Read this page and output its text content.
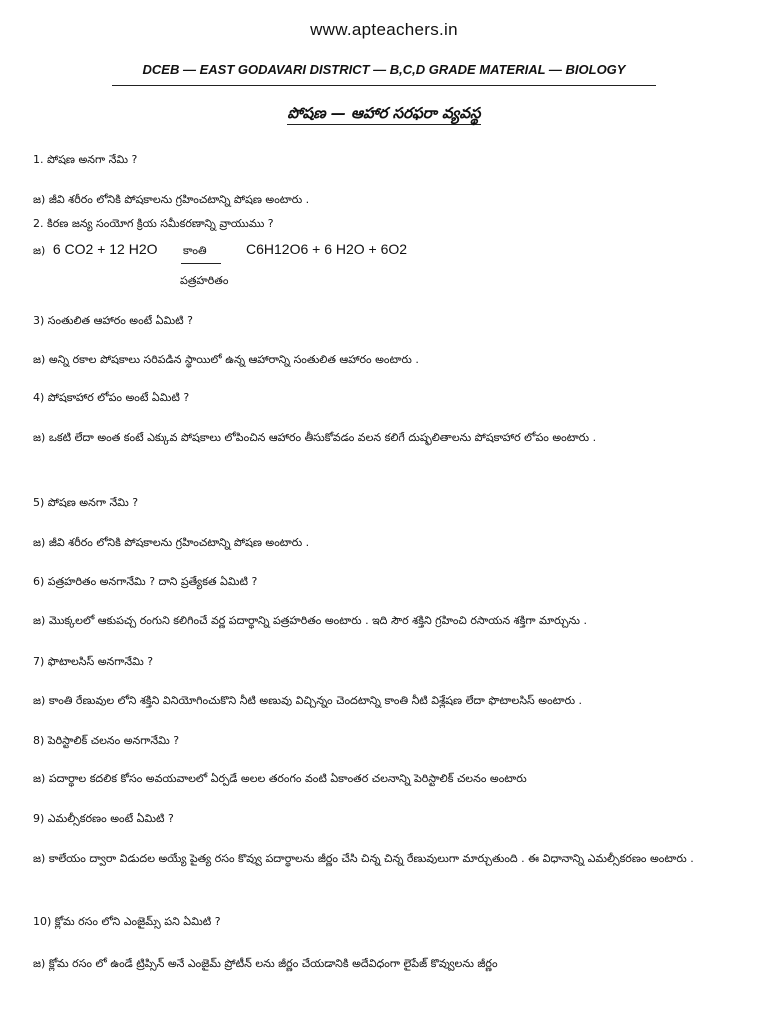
www.apteachers.in
DCEB — EAST GODAVARI DISTRICT — B,C,D GRADE MATERIAL — BIOLOGY
పోషణ — ఆహార సరఫరా వ్యవస్థ
1. పోషణ అనగా నేమి ?
జ) జీవి శరీరం లోనికి పోషకాలను గ్రహించటాన్ని పోషణ అంటారు .
2. కిరణ జన్య సంయోగ క్రియ సమీకరణాన్ని వ్రాయుము ?
జ) 6 CO2 + 12 H2O కాంతి	C6H12O6 + 6 H2O + 6O2
పత్రహరితం
3) సంతులిత ఆహారం అంటే ఏమిటి ?
జ) అన్ని రకాల పోషకాలు సరిపడిన స్థాయిలో ఉన్న ఆహారాన్ని సంతులిత ఆహారం అంటారు .
4) పోషకాహార లోపం అంటే ఏమిటి ?
జ) ఒకటి లేదా అంత కంటే ఎక్కువ పోషకాలు లోపించిన ఆహారం తీసుకోవడం వలన కలిగే దుష్ఫలితాలను పోషకాహార లోపం అంటారు .
5) పోషణ అనగా నేమి ?
జ) జీవి శరీరం లోనికి పోషకాలను గ్రహించటాన్ని పోషణ అంటారు .
6) పత్రహరితం అనగానేమి ? దాని ప్రత్యేకత ఏమిటి ?
జ) మొక్కలలో ఆకుపచ్చ రంగుని కలిగించే వర్ణ పదార్థాన్ని పత్రహరితం అంటారు . ఇది సౌర శక్తిని గ్రహించి రసాయన శక్తిగా మార్చును .
7) ఫొటాలసిస్ అనగానేమి ?
జ) కాంతి రేణువుల లోని శక్తిని వినియోగించుకొని నీటి అణువు విచ్చిన్నం చెందటాన్ని కాంతి నీటి విశ్లేషణ లేదా ఫొటాలసిస్ అంటారు .
8) పెరిస్టాలిక్ చలనం అనగానేమి ?
జ) పదార్థాల కదలిక కోసం అవయవాలలో ఏర్పడే అలల తరంగం వంటి ఏకాంతర చలనాన్ని పెరిస్టాలిక్ చలనం అంటారు
9) ఎమల్సీకరణం అంటే ఏమిటి ?
జ) కాలేయం ద్వారా విడుదల అయ్యే పైత్య రసం కొవ్వు పదార్థాలను జీర్ణం చేసి చిన్న చిన్న రేణువులుగా మార్చుతుంది . ఈ విధానాన్ని ఎమల్సీకరణం అంటారు .
10) క్లోమ రసం లోని ఎంజైమ్స్ పని ఏమిటి ?
జ) క్లోమ రసం లో ఉండే ట్రిప్సిన్ అనే ఎంజైమ్ ప్రోటీన్ లను జీర్ణం చేయడానికి అదేవిధంగా లైపేజ్ కొవ్వులను జీర్ణం
